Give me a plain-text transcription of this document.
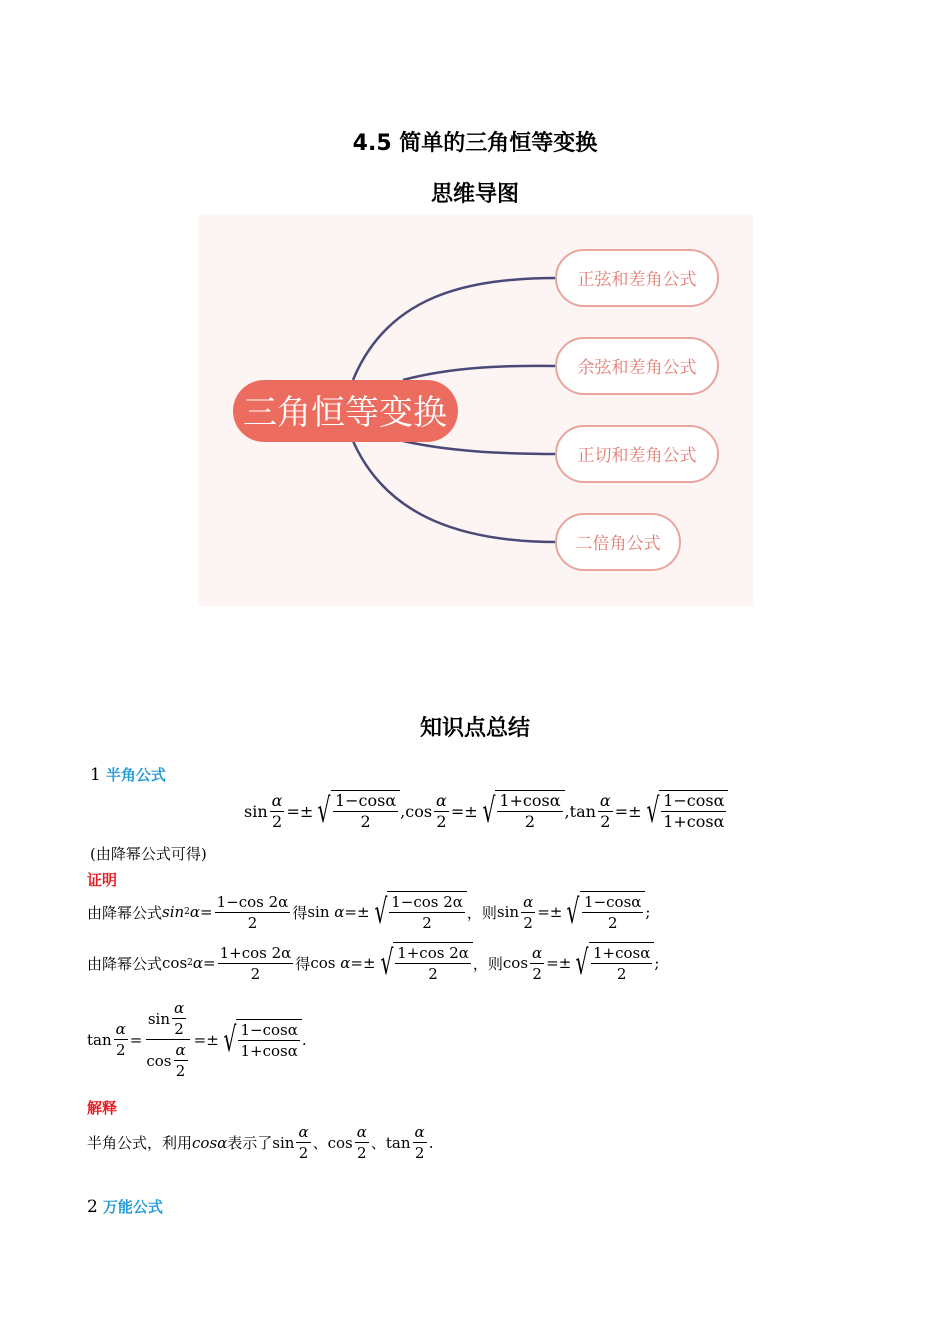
4.5 简单的三角恒等变换
思维导图
三角恒等变换
正弦和差角公式
余弦和差角公式
正切和差角公式
二倍角公式
知识点总结
1 半角公式
$\sin \frac{\alpha}{2}$ =± √ $\frac{1-\cos\alpha}{2}$ , $\cos \frac{\alpha}{2}$ =± √ $\frac{1+\cos\alpha}{2}$ , $\tan \frac{\alpha}{2}$ =± √ $\frac{1-\cos\alpha}{1+\cos\alpha}$
(由降幂公式可得)
证明
由降幂公式 sin 2 $\alpha = \frac{1-\cos 2\alpha}{2}$ 得 sin
α =± √ $\frac{1-\cos 2\alpha}{2}$ ，则 $\sin \frac{\alpha}{2}$ =± √ $\frac{1-\cos\alpha}{2}$ ;
由降幂公式 cos 2 $\alpha = \frac{1+\cos 2\alpha}{2}$ 得 cos
α =± √ $\frac{1+\cos 2\alpha}{2}$ ，则 $\cos \frac{\alpha}{2}$ =± √ $\frac{1+\cos\alpha}{2}$ ;
$\tan \frac{\alpha}{2} = \frac{\sin \frac{\alpha}{2}}{\cos \frac{\alpha}{2}}$ =± √ $\frac{1-\cos\alpha}{1+\cos\alpha}$ .
解释
半角公式，利用 cosα 表示了 $\sin \frac{\alpha}{2}$ 、 $\cos \frac{\alpha}{2}$ 、 $\tan \frac{\alpha}{2}$ .
2 万能公式
